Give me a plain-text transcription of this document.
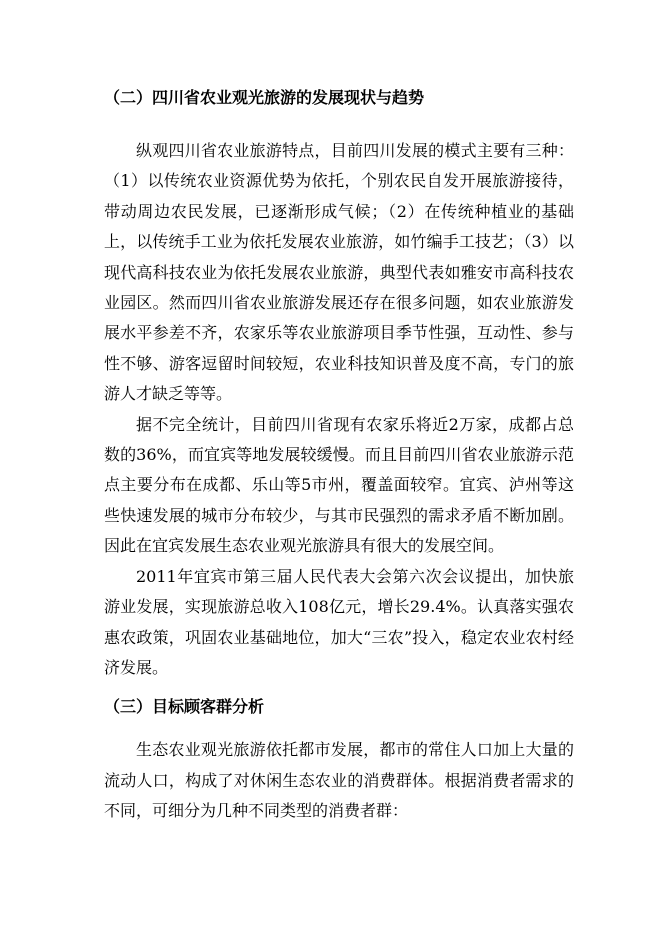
（二）四川省农业观光旅游的发展现状与趋势

纵观四川省农业旅游特点，目前四川发展的模式主要有三种：（1）以传统农业资源优势为依托，个别农民自发开展旅游接待，带动周边农民发展，已逐渐形成气候；（2）在传统种植业的基础上，以传统手工业为依托发展农业旅游，如竹编手工技艺；（3）以现代高科技农业为依托发展农业旅游，典型代表如雅安市高科技农业园区。然而四川省农业旅游发展还存在很多问题，如农业旅游发展水平参差不齐，农家乐等农业旅游项目季节性强，互动性、参与性不够、游客逗留时间较短，农业科技知识普及度不高，专门的旅游人才缺乏等等。

据不完全统计，目前四川省现有农家乐将近2万家，成都占总数的36%，而宜宾等地发展较缓慢。而且目前四川省农业旅游示范点主要分布在成都、乐山等5市州，覆盖面较窄。宜宾、泸州等这些快速发展的城市分布较少，与其市民强烈的需求矛盾不断加剧。因此在宜宾发展生态农业观光旅游具有很大的发展空间。

2011年宜宾市第三届人民代表大会第六次会议提出，加快旅游业发展，实现旅游总收入108亿元，增长29.4%。认真落实强农惠农政策，巩固农业基础地位，加大“三农”投入，稳定农业农村经济发展。

（三）目标顾客群分析

生态农业观光旅游依托都市发展，都市的常住人口加上大量的流动人口，构成了对休闲生态农业的消费群体。根据消费者需求的不同，可细分为几种不同类型的消费者群：
